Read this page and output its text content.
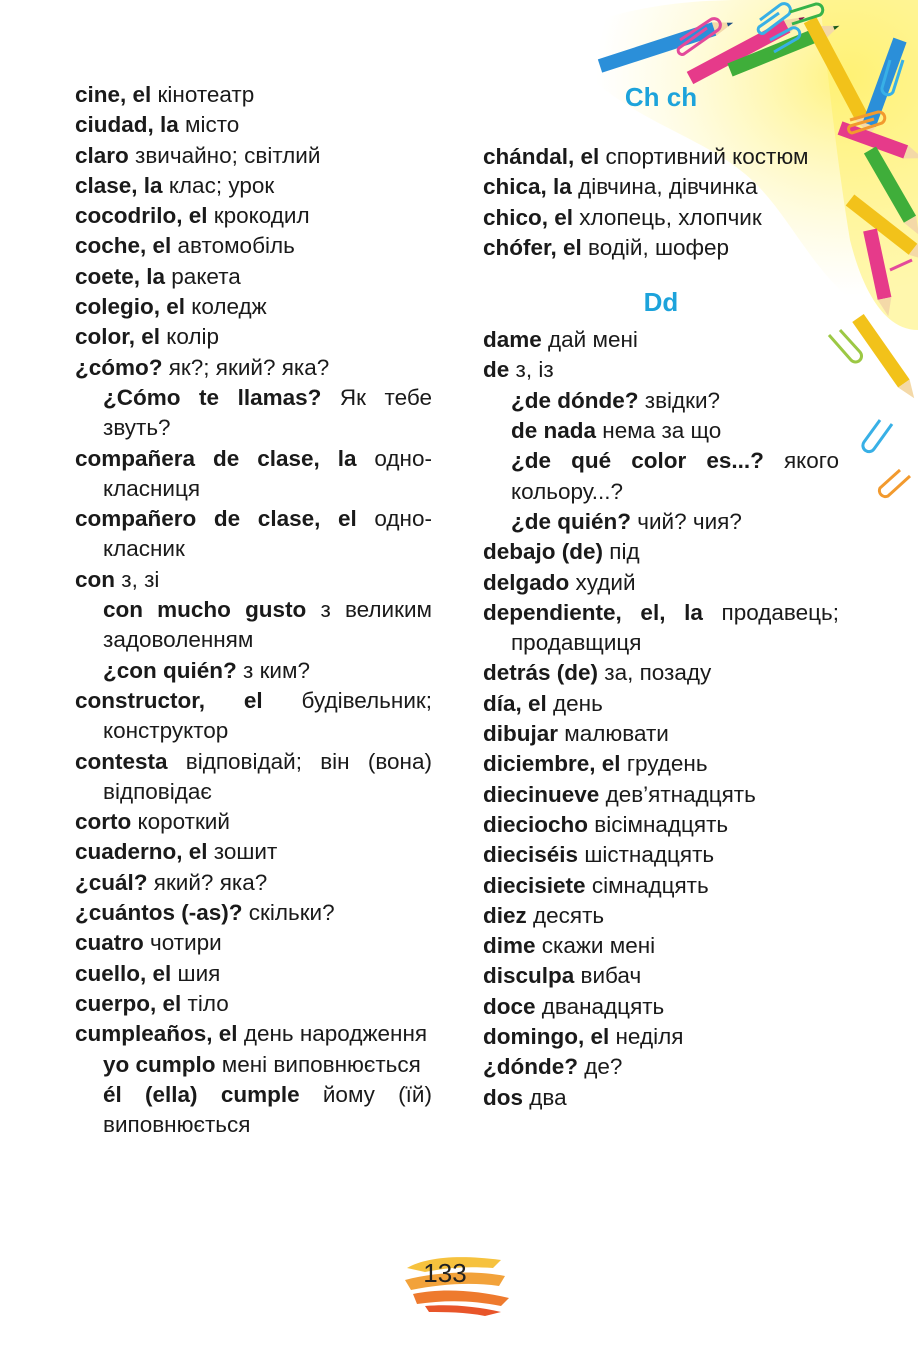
cine, el кінотеатр
ciudad, la місто
claro звичайно; світлий
clase, la клас; урок
cocodrilo, el крокодил
coche, el автомобіль
coete, la ракета
colegio, el коледж
color, el колір
¿cómo? як?; який? яка?
¿Cómo te llamas? Як тебе звуть?
compañera de clase, la однокласниця
compañero de clase, el однокласник
con з, зі
con mucho gusto з великим задоволенням
¿con quién? з ким?
constructor, el будівельник; конструктор
contesta відповідай; він (вона) відповідає
corto короткий
cuaderno, el зошит
¿cuál? який? яка?
¿cuántos (-as)? скільки?
cuatro чотири
cuello, el шия
cuerpo, el тіло
cumpleaños, el день народження
yo cumplo мені виповнюється
él (ella) cumple йому (їй) виповнюється
Ch ch
chándal, el спортивний костюм
chica, la дівчина, дівчинка
chico, el хлопець, хлопчик
chófer, el водій, шофер
Dd
dame дай мені
de з, із
¿de dónde? звідки?
de nada нема за що
¿de qué color es...? якого кольору...?
¿de quién? чий? чия?
debajo (de) під
delgado худий
dependiente, el, la продавець; продавщиця
detrás (de) за, позаду
día, el день
dibujar малювати
diciembre, el грудень
diecinueve дев’ятнадцять
dieciocho вісімнадцять
dieciséis шістнадцять
diecisiete сімнадцять
diez десять
dime скажи мені
disculpa вибач
doce дванадцять
domingo, el неділя
¿dónde? де?
dos два
133
